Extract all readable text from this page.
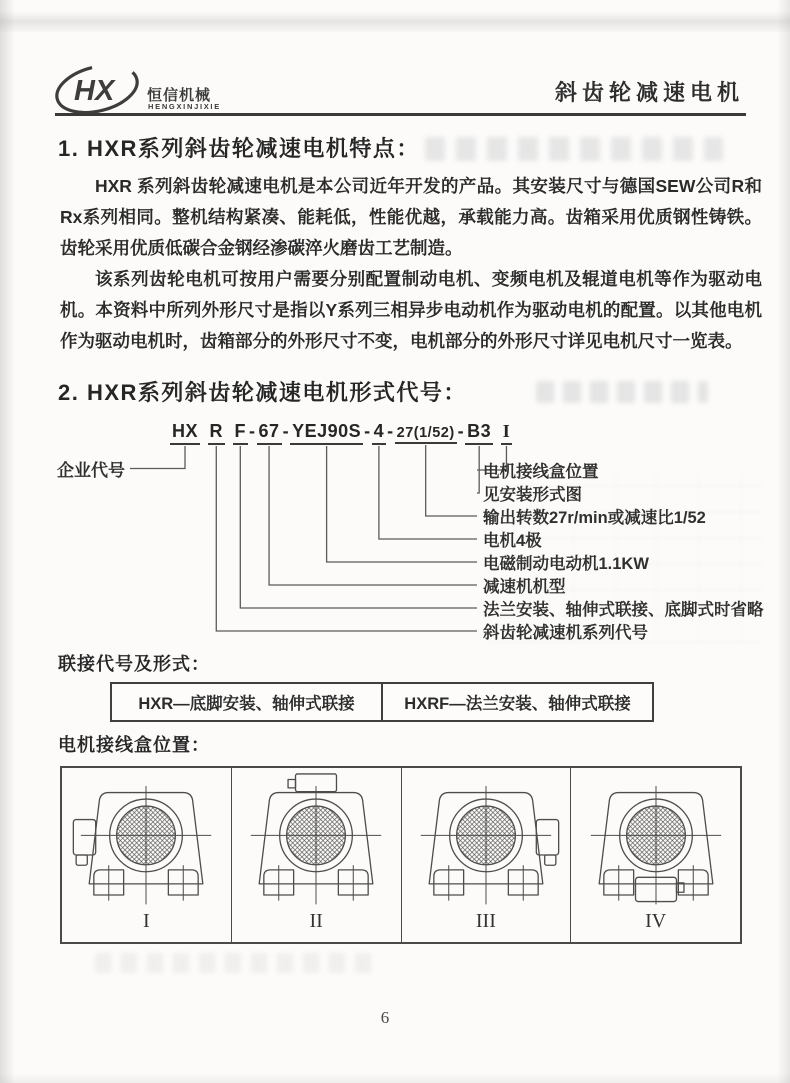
HX 恒信机械
HENGXINJIXIE
斜齿轮减速电机
1. HXR系列斜齿轮减速电机特点：

HXR 系列斜齿轮减速电机是本公司近年开发的产品。其安装尺寸与德国SEW公司R和Rx系列相同。整机结构紧凑、能耗低，性能优越，承载能力高。齿箱采用优质钢性铸铁。齿轮采用优质低碳合金钢经渗碳淬火磨齿工艺制造。

该系列齿轮电机可按用户需要分别配置制动电机、变频电机及辊道电机等作为驱动电机。本资料中所列外形尺寸是指以Y系列三相异步电动机作为驱动电机的配置。以其他电机作为驱动电机时，齿箱部分的外形尺寸不变，电机部分的外形尺寸详见电机尺寸一览表。

2. HXR系列斜齿轮减速电机形式代号：
HX R F - 67 - YEJ90S - 4 - 27(1/52) - B3 I
企业代号	电机接线盒位置
见安装形式图
输出转数27r/min或减速比1/52
电机4极
电磁制动电动机1.1KW
减速机机型
法兰安装、轴伸式联接、底脚式时省略
斜齿轮减速机系列代号
联接代号及形式：
HXR—底脚安装、轴伸式联接	HXRF—法兰安装、轴伸式联接
电机接线盒位置：
I	II	III	IV
6
